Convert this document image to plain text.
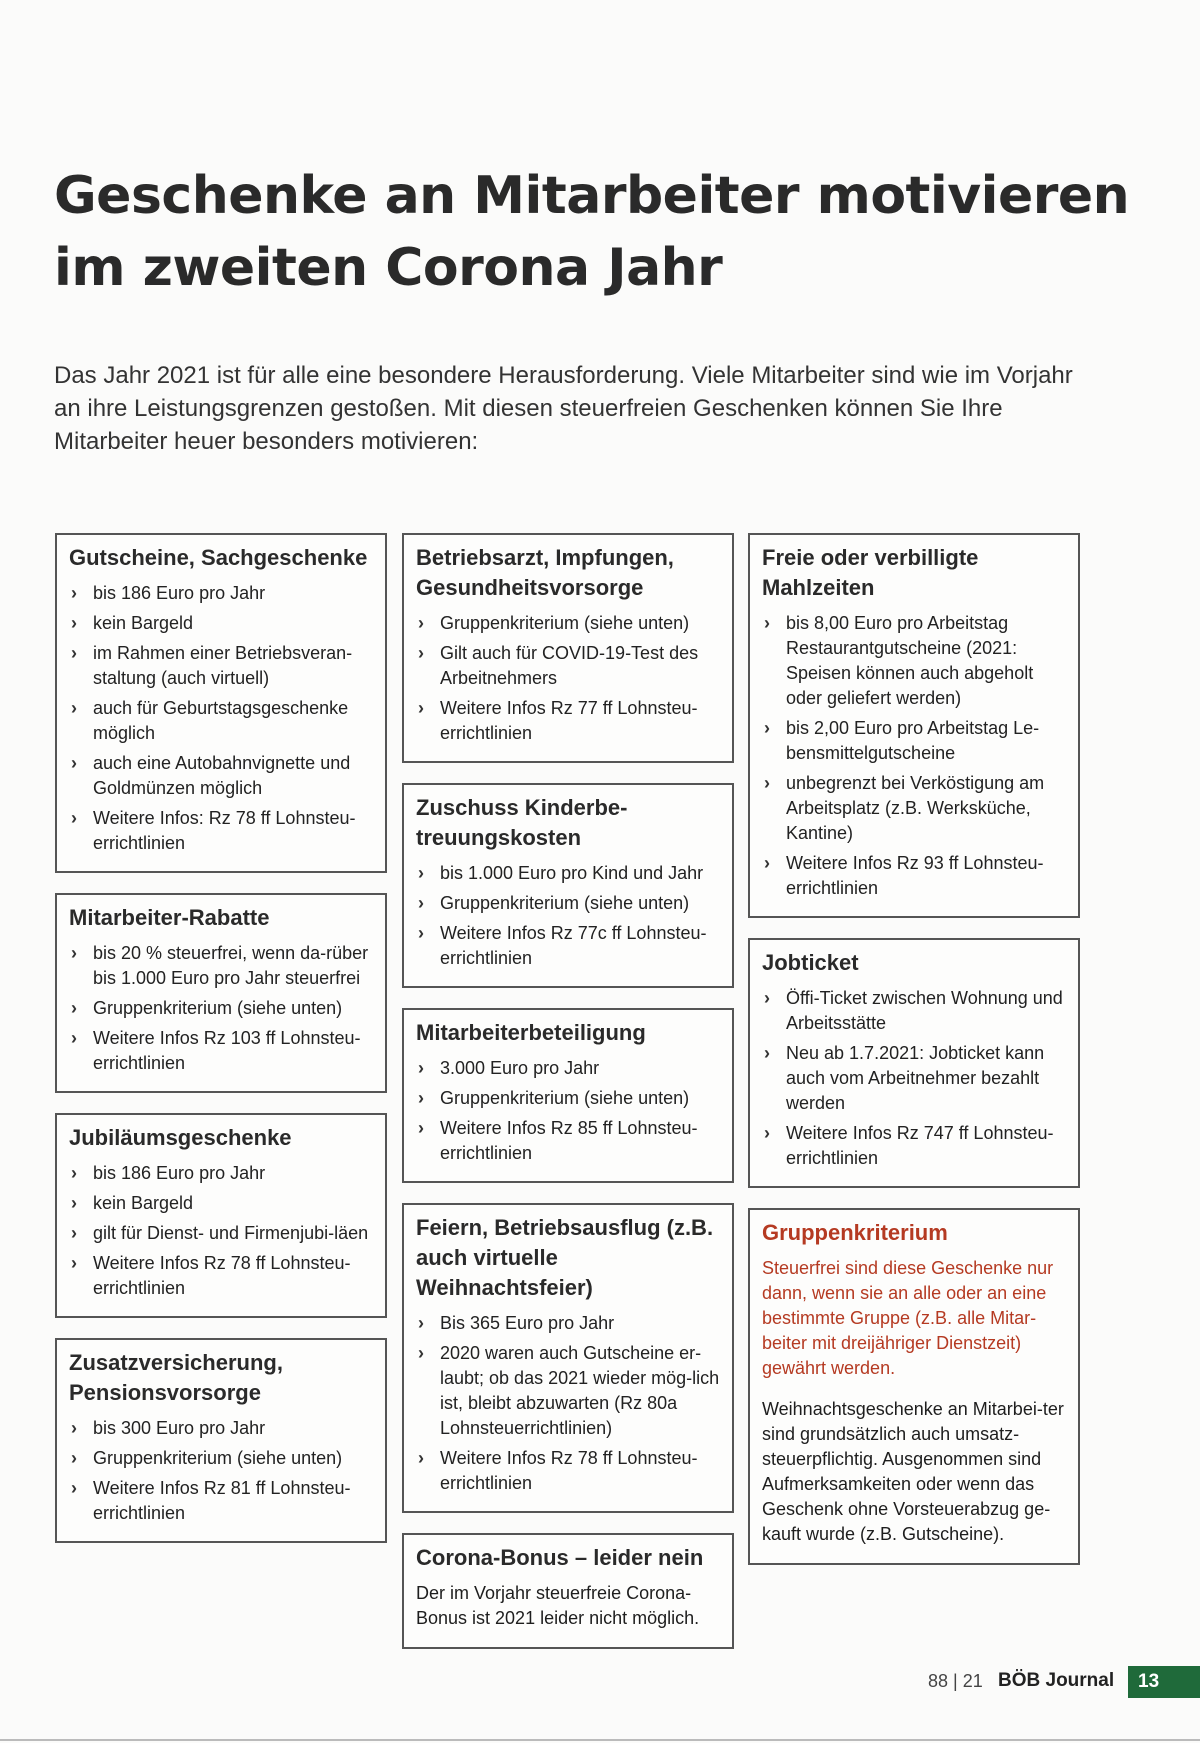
Geschenke an Mitarbeiter motivieren
im zweiten Corona Jahr

Das Jahr 2021 ist für alle eine besondere Herausforderung. Viele Mitarbeiter sind wie im Vorjahr an ihre Leistungsgrenzen gestoßen. Mit diesen steuerfreien Geschenken können Sie Ihre Mitarbeiter heuer besonders motivieren:

Gutscheine, Sachgeschenke
› bis 186 Euro pro Jahr
› kein Bargeld
› im Rahmen einer Betriebsveran-staltung (auch virtuell)
› auch für Geburtstagsgeschenke möglich
› auch eine Autobahnvignette und Goldmünzen möglich
› Weitere Infos: Rz 78 ff Lohnsteu-errichtlinien
Mitarbeiter-Rabatte
› bis 20 % steuerfrei, wenn da-rüber bis 1.000 Euro pro Jahr steuerfrei
› Gruppenkriterium (siehe unten)
› Weitere Infos Rz 103 ff Lohnsteu-errichtlinien
Jubiläumsgeschenke
› bis 186 Euro pro Jahr
› kein Bargeld
› gilt für Dienst- und Firmenjubi-läen
› Weitere Infos Rz 78 ff Lohnsteu-errichtlinien
Zusatzversicherung, Pensionsvorsorge
› bis 300 Euro pro Jahr
› Gruppenkriterium (siehe unten)
› Weitere Infos Rz 81 ff Lohnsteu-errichtlinien
Betriebsarzt, Impfungen, Gesundheitsvorsorge
› Gruppenkriterium (siehe unten)
› Gilt auch für COVID-19-Test des Arbeitnehmers
› Weitere Infos Rz 77 ff Lohnsteu-errichtlinien
Zuschuss Kinderbe-treuungskosten
› bis 1.000 Euro pro Kind und Jahr
› Gruppenkriterium (siehe unten)
› Weitere Infos Rz 77c ff Lohnsteu-errichtlinien
Mitarbeiterbeteiligung
› 3.000 Euro pro Jahr
› Gruppenkriterium (siehe unten)
› Weitere Infos Rz 85 ff Lohnsteu-errichtlinien
Feiern, Betriebsausflug (z.B. auch virtuelle Weihnachtsfeier)
› Bis 365 Euro pro Jahr
› 2020 waren auch Gutscheine er-laubt; ob das 2021 wieder mög-lich ist, bleibt abzuwarten (Rz 80a Lohnsteuerrichtlinien)
› Weitere Infos Rz 78 ff Lohnsteu-errichtlinien
Corona-Bonus – leider nein

Der im Vorjahr steuerfreie Corona-Bonus ist 2021 leider nicht möglich.

Freie oder verbilligte Mahlzeiten
› bis 8,00 Euro pro Arbeitstag Restaurantgutscheine (2021: Speisen können auch abgeholt oder geliefert werden)
› bis 2,00 Euro pro Arbeitstag Le-bensmittelgutscheine
› unbegrenzt bei Verköstigung am Arbeitsplatz (z.B. Werksküche, Kantine)
› Weitere Infos Rz 93 ff Lohnsteu-errichtlinien
Jobticket
› Öffi-Ticket zwischen Wohnung und Arbeitsstätte
› Neu ab 1.7.2021: Jobticket kann auch vom Arbeitnehmer bezahlt werden
› Weitere Infos Rz 747 ff Lohnsteu-errichtlinien
Gruppenkriterium

Steuerfrei sind diese Geschenke nur dann, wenn sie an alle oder an eine bestimmte Gruppe (z.B. alle Mitar-beiter mit dreijähriger Dienstzeit) gewährt werden.

Weihnachtsgeschenke an Mitarbei-ter sind grundsätzlich auch umsatz-steuerpflichtig. Ausgenommen sind Aufmerksamkeiten oder wenn das Geschenk ohne Vorsteuerabzug ge-kauft wurde (z.B. Gutscheine).

88 | 21 BÖB Journal	13
